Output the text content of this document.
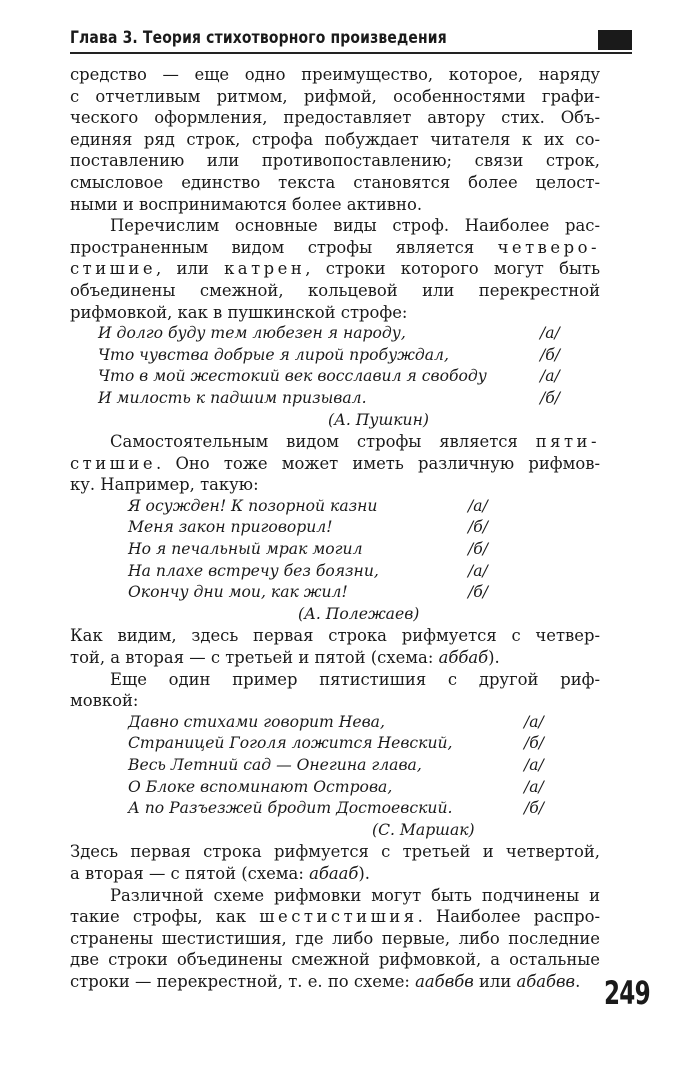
Глава 3. Теория стихотворного произведения
средство — еще одно преимущество, которое, наряду
с отчетливым ритмом, рифмой, особенностями графи-
ческого оформления, предоставляет автору стих. Объ-
единяя ряд строк, строфа побуждает читателя к их со-
поставлению или противопоставлению; связи строк,
смысловое единство текста становятся более целост-
ными и воспринимаются более активно.
Перечислим основные виды строф. Наиболее рас-
пространенным видом строфы является четверо-
стишие, или катрен, строки которого могут быть
объединены смежной, кольцевой или перекрестной
рифмовкой, как в пушкинской строфе:
И долго буду тем любезен я народу,	/а/
Что чувства добрые я лирой пробуждал,	/б/
Что в мой жестокий век восславил я свободу	/а/
И милость к падшим призывал.	/б/
(А. Пушкин)
Самостоятельным видом строфы является пяти-
стишие. Оно тоже может иметь различную рифмов-
ку. Например, такую:
Я осужден! К позорной казни	/а/
Меня закон приговорил!	/б/
Но я печальный мрак могил	/б/
На плахе встречу без боязни,	/а/
Окончу дни мои, как жил!	/б/
(А. Полежаев)
Как видим, здесь первая строка рифмуется с четвер-
той, а вторая — с третьей и пятой (схема: аббаб).
Еще один пример пятистишия с другой риф-
мовкой:
Давно стихами говорит Нева,	/а/
Страницей Гоголя ложится Невский,	/б/
Весь Летний сад — Онегина глава,	/а/
О Блоке вспоминают Острова,	/а/
А по Разъезжей бродит Достоевский.	/б/
(С. Маршак)
Здесь первая строка рифмуется с третьей и четвертой,
а вторая — с пятой (схема: абааб).
Различной схеме рифмовки могут быть подчинены и
такие строфы, как шестистишия. Наиболее распро-
странены шестистишия, где либо первые, либо последние
две строки объединены смежной рифмовкой, а остальные
строки — перекрестной, т. е. по схеме: аабвбв или абабвв. 249
